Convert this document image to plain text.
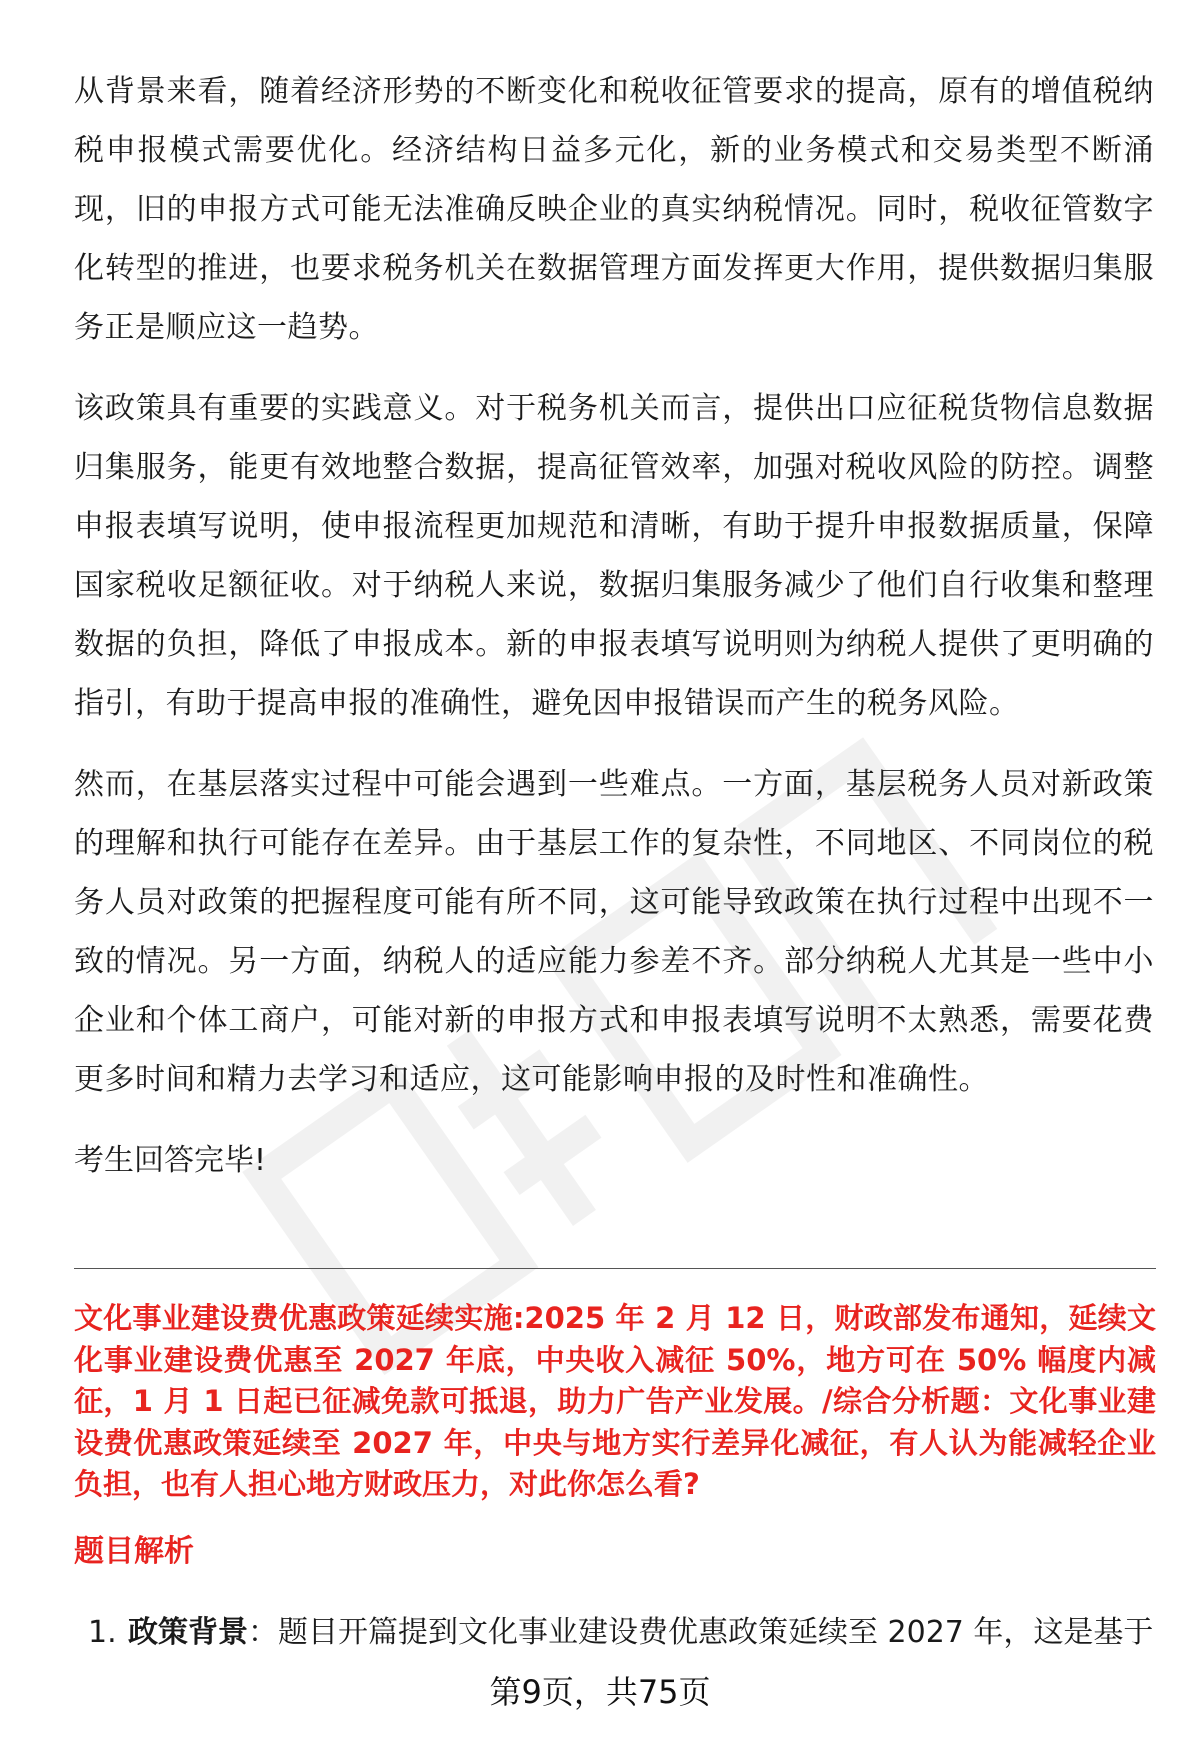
从背景来看，随着经济形势的不断变化和税收征管要求的提高，原有的增值税纳税申报模式需要优化。经济结构日益多元化，新的业务模式和交易类型不断涌现，旧的申报方式可能无法准确反映企业的真实纳税情况。同时，税收征管数字化转型的推进，也要求税务机关在数据管理方面发挥更大作用，提供数据归集服务正是顺应这一趋势。

该政策具有重要的实践意义。对于税务机关而言，提供出口应征税货物信息数据归集服务，能更有效地整合数据，提高征管效率，加强对税收风险的防控。调整申报表填写说明，使申报流程更加规范和清晰，有助于提升申报数据质量，保障国家税收足额征收。对于纳税人来说，数据归集服务减少了他们自行收集和整理数据的负担，降低了申报成本。新的申报表填写说明则为纳税人提供了更明确的指引，有助于提高申报的准确性，避免因申报错误而产生的税务风险。

然而，在基层落实过程中可能会遇到一些难点。一方面，基层税务人员对新政策的理解和执行可能存在差异。由于基层工作的复杂性，不同地区、不同岗位的税务人员对政策的把握程度可能有所不同，这可能导致政策在执行过程中出现不一致的情况。另一方面，纳税人的适应能力参差不齐。部分纳税人尤其是一些中小企业和个体工商户，可能对新的申报方式和申报表填写说明不太熟悉，需要花费更多时间和精力去学习和适应，这可能影响申报的及时性和准确性。

考生回答完毕!

文化事业建设费优惠政策延续实施:2025 年 2 月 12 日，财政部发布通知，延续文化事业建设费优惠至 2027 年底，中央收入减征 50%，地方可在 50% 幅度内减征，1 月 1 日起已征减免款可抵退，助力广告产业发展。/综合分析题：文化事业建设费优惠政策延续至 2027 年，中央与地方实行差异化减征，有人认为能减轻企业负担，也有人担心地方财政压力，对此你怎么看?

题目解析

1. 政策背景：题目开篇提到文化事业建设费优惠政策延续至 2027 年，这是基于

第9页，共75页
